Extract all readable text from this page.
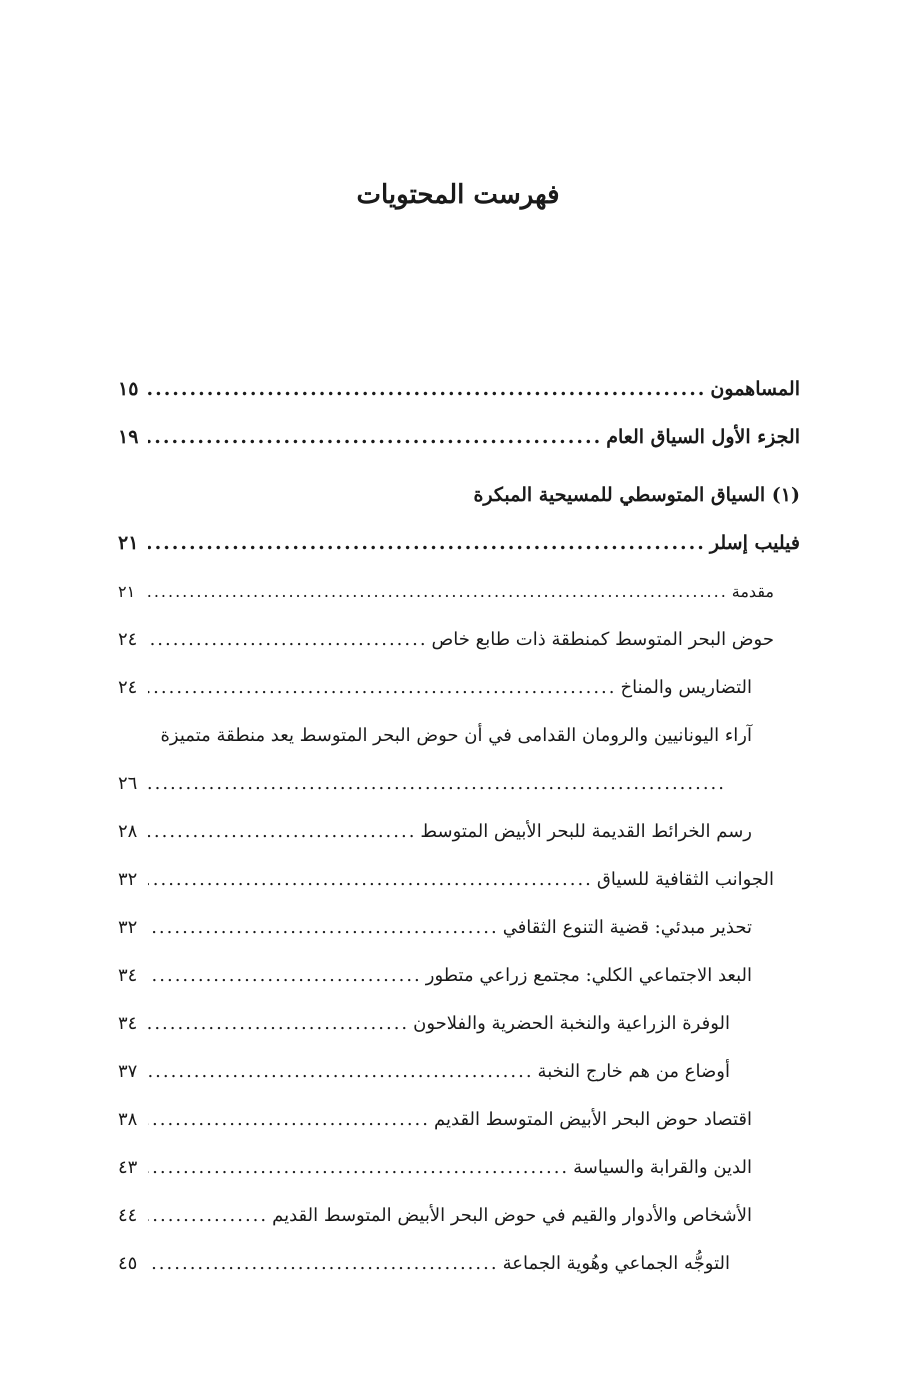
فهرست المحتويات
المساهمون
.....
١٥
الجزء الأول السياق العام
.....
١٩
(١) السياق المتوسطي للمسيحية المبكرة
فيليب إسلر
.....
٢١
مقدمة
.....
٢١
حوض البحر المتوسط كمنطقة ذات طابع خاص
.....
٢٤
التضاريس والمناخ
.....
٢٤
آراء اليونانيين والرومان القدامى في أن حوض البحر المتوسط يعد منطقة متميزة
.....
٢٦
رسم الخرائط القديمة للبحر الأبيض المتوسط
.....
٢٨
الجوانب الثقافية للسياق
.....
٣٢
تحذير مبدئي: قضية التنوع الثقافي
.....
٣٢
البعد الاجتماعي الكلي: مجتمع زراعي متطور
.....
٣٤
الوفرة الزراعية والنخبة الحضرية والفلاحون
.....
٣٤
أوضاع من هم خارج النخبة
.....
٣٧
اقتصاد حوض البحر الأبيض المتوسط القديم
.....
٣٨
الدين والقرابة والسياسة
.....
٤٣
الأشخاص والأدوار والقيم في حوض البحر الأبيض المتوسط القديم
.....
٤٤
التوجُّه الجماعي وهُوية الجماعة
.....
٤٥
